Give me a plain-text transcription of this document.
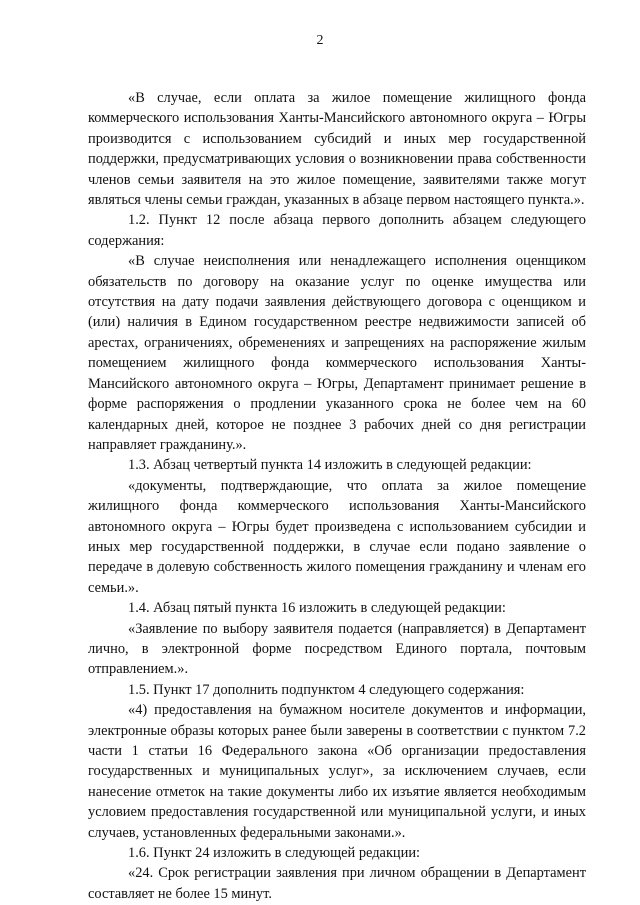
2

«В случае, если оплата за жилое помещение жилищного фонда коммерческого использования Ханты-Мансийского автономного округа – Югры производится с использованием субсидий и иных мер государственной поддержки, предусматривающих условия о возникновении права собственности членов семьи заявителя на это жилое помещение, заявителями также могут являться члены семьи граждан, указанных в абзаце первом настоящего пункта.».

1.2. Пункт 12 после абзаца первого дополнить абзацем следующего содержания:

«В случае неисполнения или ненадлежащего исполнения оценщиком обязательств по договору на оказание услуг по оценке имущества или отсутствия на дату подачи заявления действующего договора с оценщиком и (или) наличия в Едином государственном реестре недвижимости записей об арестах, ограничениях, обременениях и запрещениях на распоряжение жилым помещением жилищного фонда коммерческого использования Ханты-Мансийского автономного округа – Югры, Департамент принимает решение в форме распоряжения о продлении указанного срока не более чем на 60 календарных дней, которое не позднее 3 рабочих дней со дня регистрации направляет гражданину.».

1.3. Абзац четвертый пункта 14 изложить в следующей редакции:

«документы, подтверждающие, что оплата за жилое помещение жилищного фонда коммерческого использования Ханты-Мансийского автономного округа – Югры будет произведена с использованием субсидии и иных мер государственной поддержки, в случае если подано заявление о передаче в долевую собственность жилого помещения гражданину и членам его семьи.».

1.4. Абзац пятый пункта 16 изложить в следующей редакции:

«Заявление по выбору заявителя подается (направляется) в Департамент лично, в электронной форме посредством Единого портала, почтовым отправлением.».

1.5. Пункт 17 дополнить подпунктом 4 следующего содержания:

«4) предоставления на бумажном носителе документов и информации, электронные образы которых ранее были заверены в соответствии с пунктом 7.2 части 1 статьи 16 Федерального закона «Об организации предоставления государственных и муниципальных услуг», за исключением случаев, если нанесение отметок на такие документы либо их изъятие является необходимым условием предоставления государственной или муниципальной услуги, и иных случаев, установленных федеральными законами.».

1.6. Пункт 24 изложить в следующей редакции:

«24. Срок регистрации заявления при личном обращении в Департамент составляет не более 15 минут.
